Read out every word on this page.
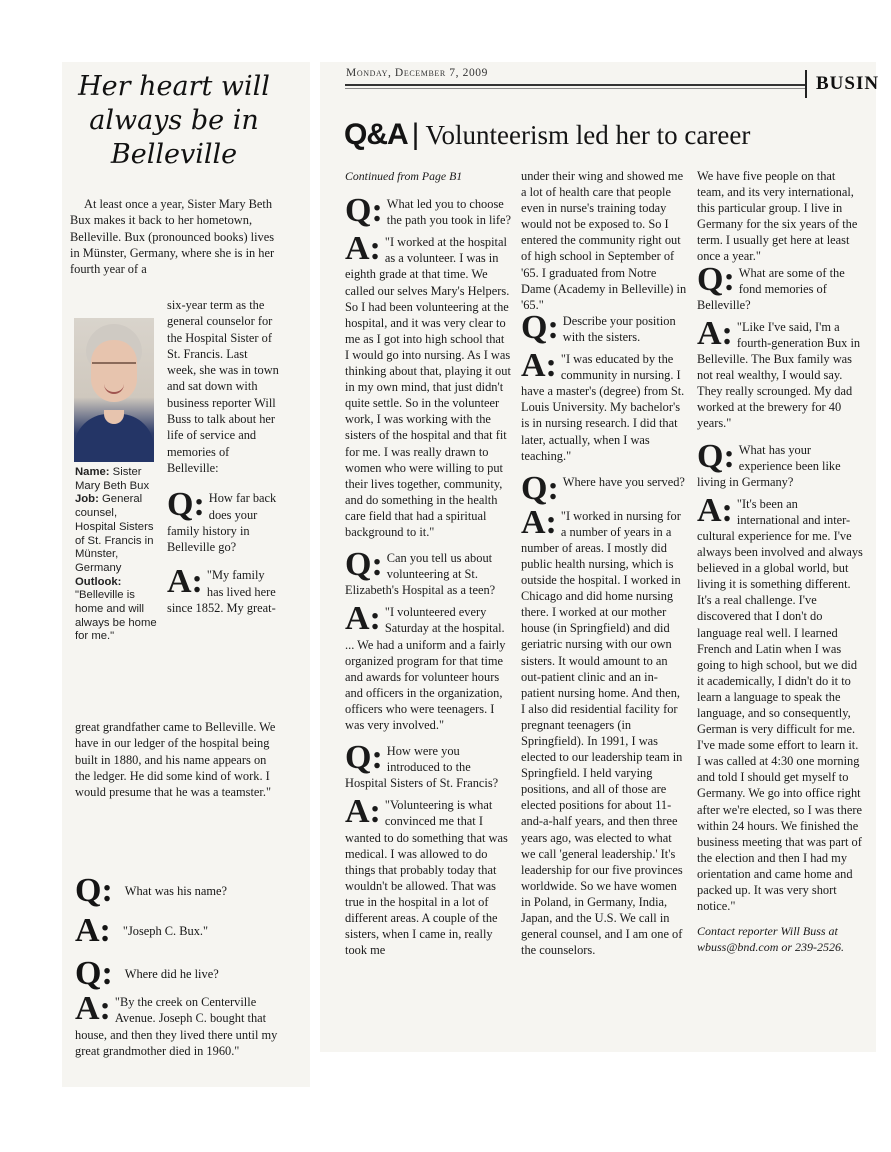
Her heart will always be in Belleville
At least once a year, Sister Mary Beth Bux makes it back to her hometown, Belleville. Bux (pronounced books) lives in Münster, Germany, where she is in her fourth year of a

Name: Sister Mary Beth Bux

Job: General counsel, Hospital Sisters of St. Francis in Münster, Germany

Outlook:
"Belleville is home and will always be home for me."

six-year term as the general counselor for the Hospital Sister of St. Francis. Last week, she was in town and sat down with business reporter Will Buss to talk about her life of service and memories of Belleville:

Q: How far back does your family history in Belleville go?

A: "My family has lived here since 1852. My great-

great grandfather came to Belleville. We have in our ledger of the hospital being built in 1880, and his name appears on the ledger. He did some kind of work. I would presume that he was a teamster."

Q: What was his name?
A: "Joseph C. Bux."
Q: Where did he live?
A: "By the creek on Centerville Avenue. Joseph C. bought that house, and then they lived there until my great grandmother died in 1960."
Monday, December 7, 2009	BUSIN
Q&A | Volunteerism led her to career

Continued from Page B1

Q: What led you to choose the path you took in life?

A: "I worked at the hospital as a volunteer. I was in eighth grade at that time. We called our selves Mary's Helpers. So I had been volunteering at the hospital, and it was very clear to me as I got into high school that I would go into nursing. As I was thinking about that, playing it out in my own mind, that just didn't quite settle. So in the volunteer work, I was working with the sisters of the hospital and that fit for me. I was really drawn to women who were willing to put their lives together, community, and do something in the health care field that had a spiritual background to it."

Q: Can you tell us about volunteering at St. Elizabeth's Hospital as a teen?

A: "I volunteered every Saturday at the hospital. ... We had a uniform and a fairly organized program for that time and awards for volunteer hours and officers in the organization, officers who were teenagers. I was very involved."

Q: How were you introduced to the Hospital Sisters of St. Francis?

A: "Volunteering is what convinced me that I wanted to do something that was medical. I was allowed to do things that probably today that wouldn't be allowed. That was true in the hospital in a lot of different areas. A couple of the sisters, when I came in, really took me

under their wing and showed me a lot of health care that people even in nurse's training today would not be exposed to. So I entered the community right out of high school in September of '65. I graduated from Notre Dame (Academy in Belleville) in '65."

Q: Describe your position with the sisters.

A: "I was educated by the community in nursing. I have a master's (degree) from St. Louis University. My bachelor's is in nursing research. I did that later, actually, when I was teaching."

Q: Where have you served?

A: "I worked in nursing for a number of years in a number of areas. I mostly did public health nursing, which is outside the hospital. I worked in Chicago and did home nursing there. I worked at our mother house (in Springfield) and did geriatric nursing with our own sisters. It would amount to an out-patient clinic and an in-patient nursing home. And then, I also did residential facility for pregnant teenagers (in Springfield). In 1991, I was elected to our leadership team in Springfield. I held varying positions, and all of those are elected positions for about 11-and-a-half years, and then three years ago, was elected to what we call 'general leadership.' It's leadership for our five provinces worldwide. So we have women in Poland, in Germany, India, Japan, and the U.S. We call in general counsel, and I am one of the counselors.

We have five people on that team, and its very international, this particular group. I live in Germany for the six years of the term. I usually get here at least once a year."

Q: What are some of the fond memories of Belleville?

A: "Like I've said, I'm a fourth-generation Bux in Belleville. The Bux family was not real wealthy, I would say. They really scrounged. My dad worked at the brewery for 40 years."

Q: What has your experience been like living in Germany?

A: "It's been an international and inter-cultural experience for me. I've always been involved and always believed in a global world, but living it is something different. It's a real challenge. I've discovered that I don't do language real well. I learned French and Latin when I was going to high school, but we did it academically, I didn't do it to learn a language to speak the language, and so consequently, German is very difficult for me. I've made some effort to learn it. I was called at 4:30 one morning and told I should get myself to Germany. We go into office right after we're elected, so I was there within 24 hours. We finished the business meeting that was part of the election and then I had my orientation and came home and packed up. It was very short notice."

Contact reporter Will Buss at wbuss@bnd.com or 239-2526.
